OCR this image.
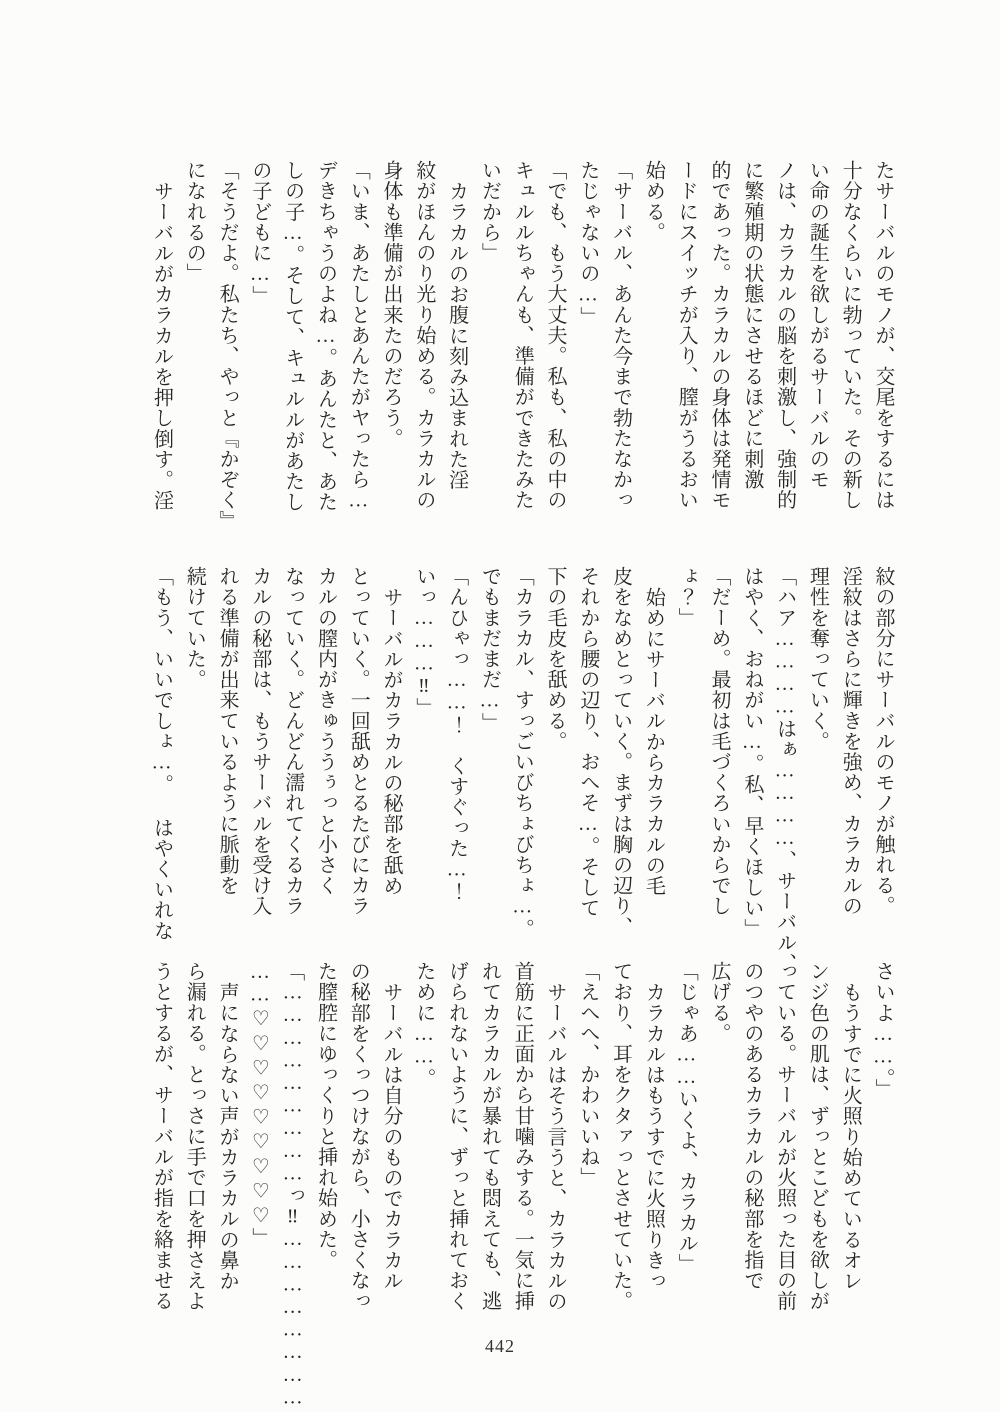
たサーバルのモノが、交尾をするには

十分なくらいに勃っていた。その新し

い命の誕生を欲しがるサーバルのモ

ノは、カラカルの脳を刺激し、強制的

に繁殖期の状態にさせるほどに刺激

的であった。カラカルの身体は発情モ

ードにスイッチが入り、膣がうるおい

始める。

「サーバル、あんた今まで勃たなかっ

たじゃないの…」

「でも、もう大丈夫。私も、私の中の

キュルルちゃんも、準備ができたみた

いだから」

カラカルのお腹に刻み込まれた淫

紋がほんのり光り始める。カラカルの

身体も準備が出来たのだろう。

「いま、あたしとあんたがヤったら…

デきちゃうのよね…。あんたと、あた

しの子…。そして、キュルルがあたし

の子どもに…」

「そうだよ。私たち、やっと『かぞく』

になれるの」

サーバルがカラカルを押し倒す。淫

紋の部分にサーバルのモノが触れる。

淫紋はさらに輝きを強め、カラカルの

理性を奪っていく。

「ハア…………はぁ…………、サーバル、

はやく、おねがい…。私、早くほしい」

「だーめ。最初は毛づくろいからでし

ょ？」

始めにサーバルからカラカルの毛

皮をなめとっていく。まずは胸の辺り、

それから腰の辺り、おへそ…。そして

下の毛皮を舐める。

「カラカル、すっごいびちょびちょ…。

でもまだまだ…」

「んひゃっ……！　くすぐった…！

いっ………‼」

サーバルがカラカルの秘部を舐め

とっていく。一回舐めとるたびにカラ

カルの膣内がきゅううぅっと小さく

なっていく。どんどん濡れてくるカラ

カルの秘部は、もうサーバルを受け入

れる準備が出来ているように脈動を

続けていた。

「もう、いいでしょ…。 はやくいれな

さいよ……。」

もうすでに火照り始めているオレ

ンジ色の肌は、ずっとこどもを欲しが

っている。サーバルが火照った目の前

のつやのあるカラカルの秘部を指で

広げる。

「じゃあ……いくよ、カラカル」

カラカルはもうすでに火照りきっ

ており、耳をクタァっとさせていた。

「えへへ、かわいいね」

サーバルはそう言うと、カラカルの

首筋に正面から甘噛みする。一気に挿

れてカラカルが暴れても悶えても、逃

げられないように、ずっと挿れておく

ために……。

サーバルは自分のものでカラカル

の秘部をくっつけながら、小さくなっ

た膣腔にゆっくりと挿れ始めた。

「………………………っ‼……………………

……♡♡♡♡♡♡♡♡♡」

声にならない声がカラカルの鼻か

ら漏れる。とっさに手で口を押さえよ

うとするが、サーバルが指を絡ませる

442
